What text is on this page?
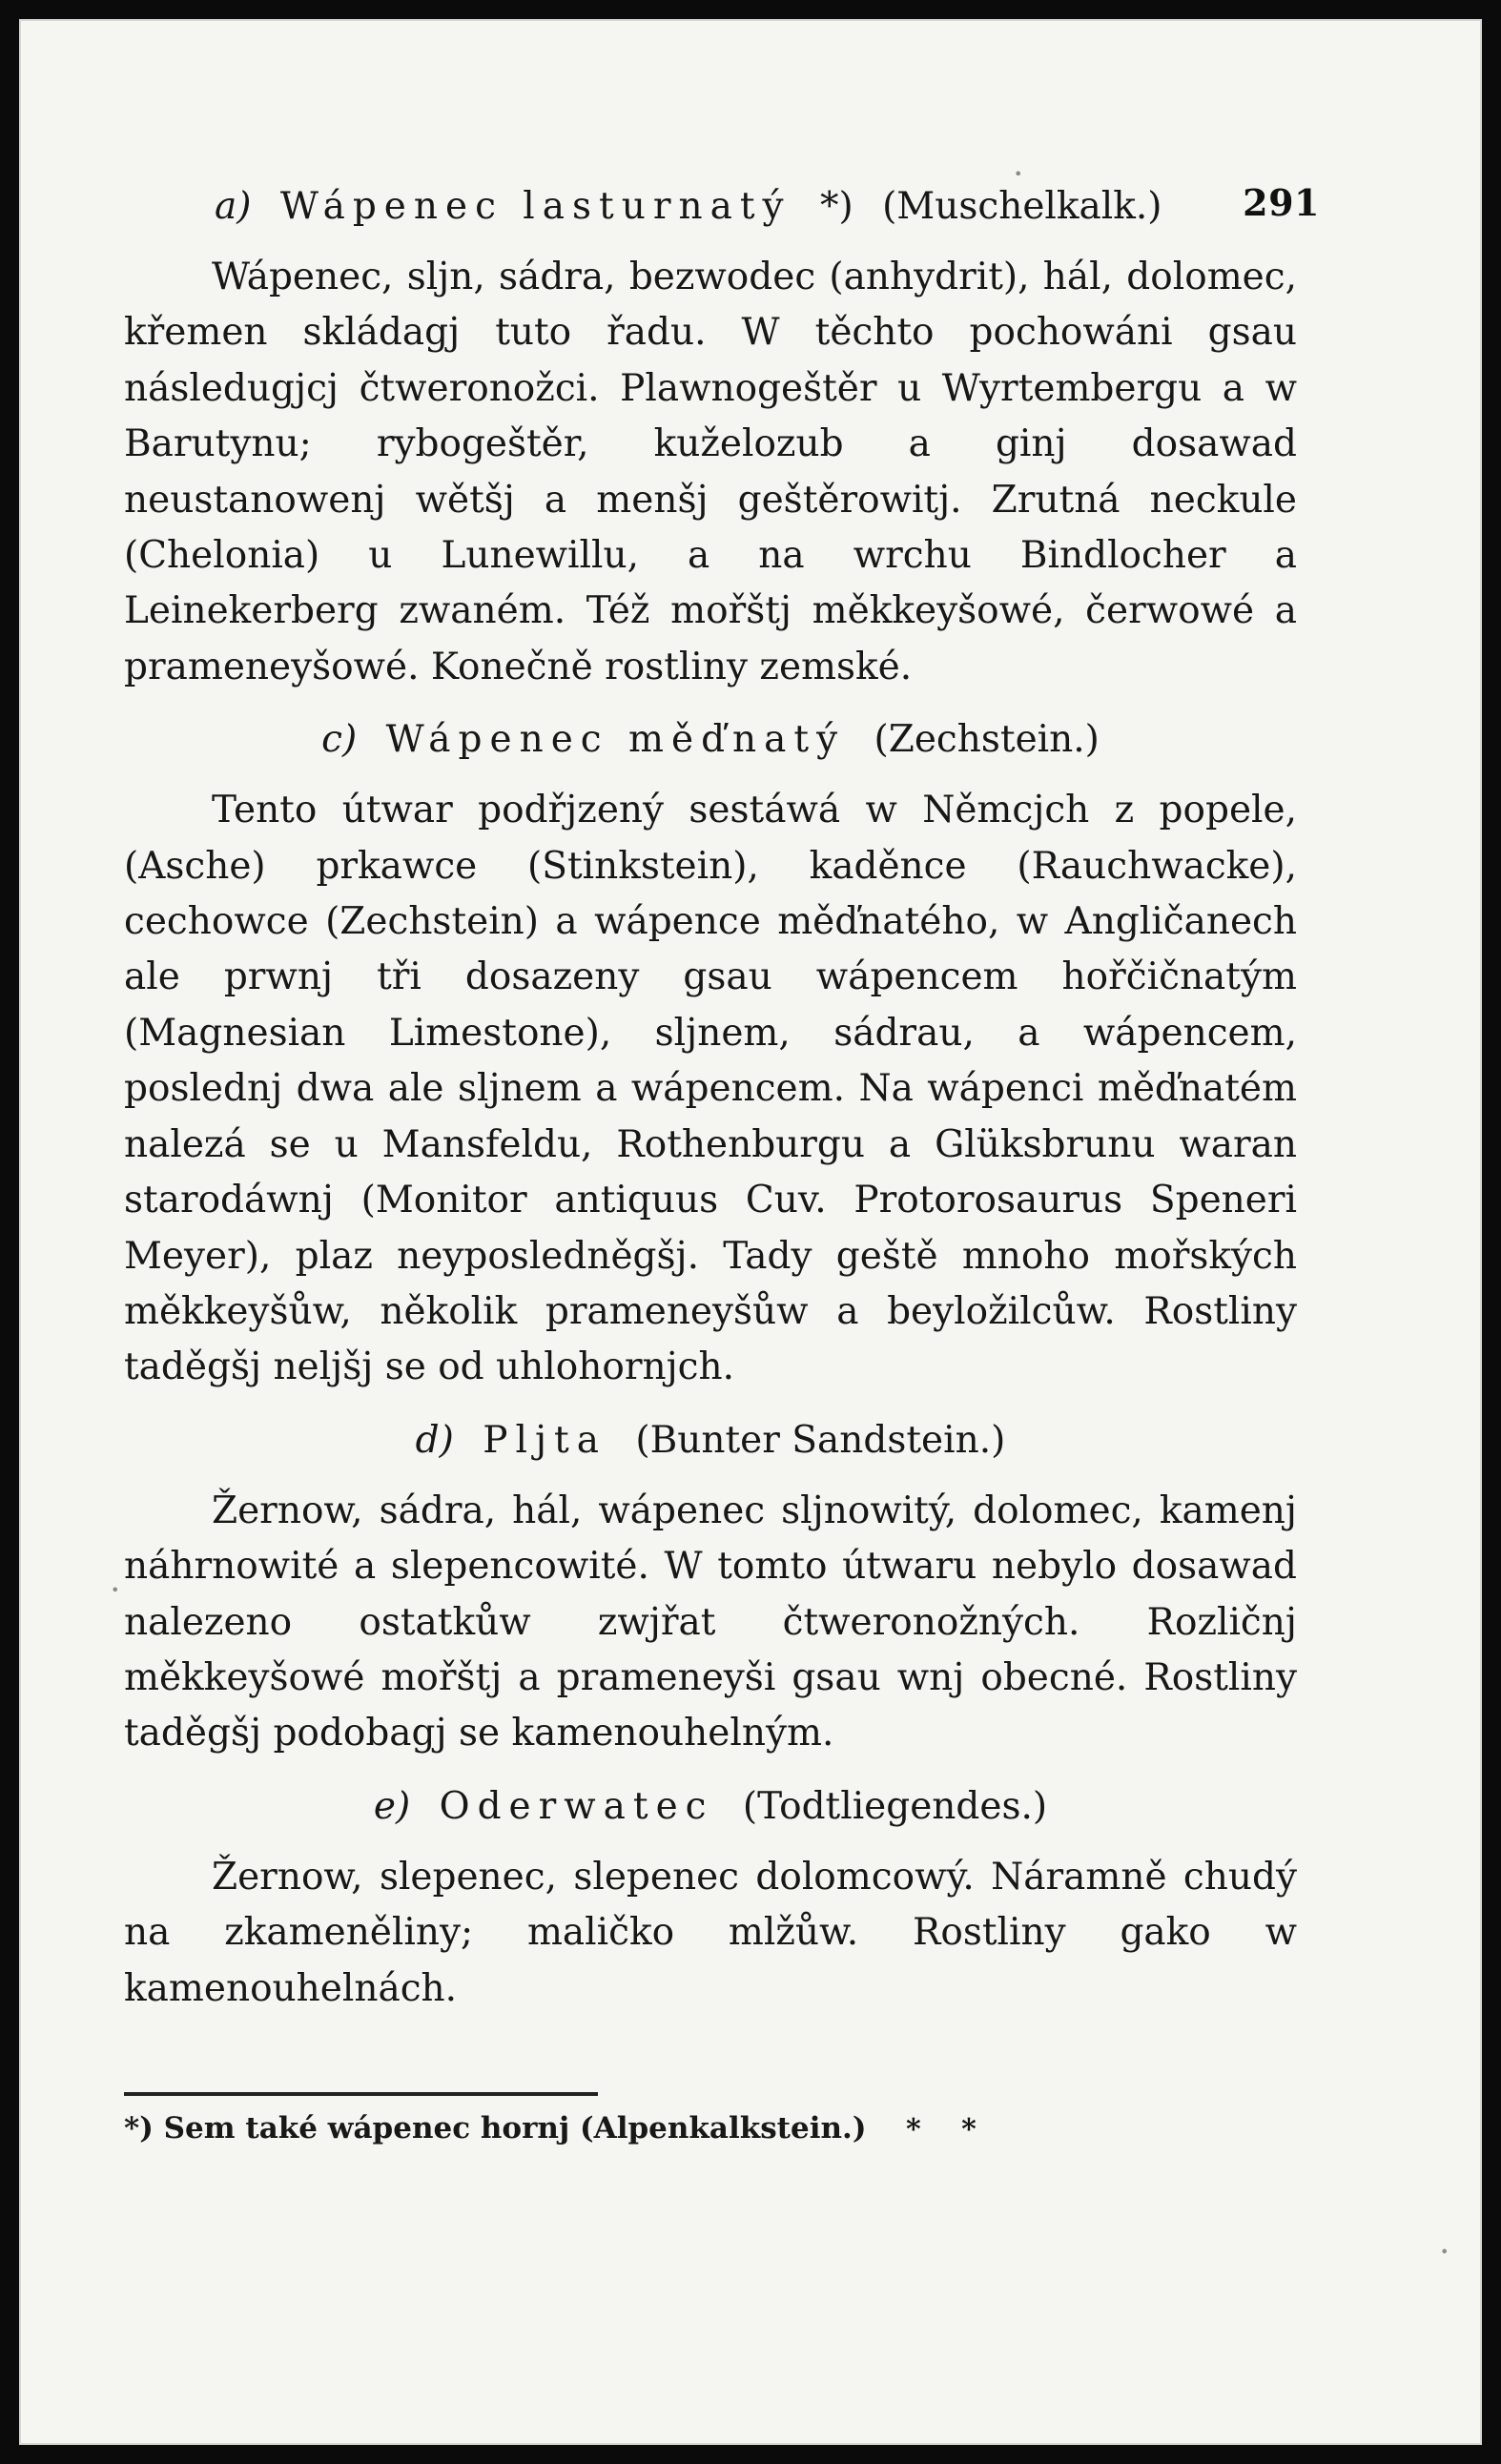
291
a) Wápenec lasturnatý *) (Muschelkalk.)

Wápenec, sljn, sádra, bezwodec (anhydrit), hál, dolomec, křemen skládagj tuto řadu. W těchto pochowáni gsau následugjcj čtweronožci. Plawnogeštěr u Wyrtembergu a w Barutynu; rybogeštěr, kuželozub a ginj dosawad neustanowenj wětšj a menšj geštěrowitj. Zrutná neckule (Chelonia) u Lunewillu, a na wrchu Bindlocher a Leinekerberg zwaném. Též mořštj měkkeyšowé, čerwowé a prameneyšowé. Konečně rostliny zemské.

c) Wápenec měďnatý (Zechstein.)

Tento útwar podřjzený sestáwá w Němcjch z popele, (Asche) prkawce (Stinkstein), kaděnce (Rauchwacke), cechowce (Zechstein) a wápence měďnatého, w Angličanech ale prwnj tři dosazeny gsau wápencem hořčičnatým (Magnesian Limestone), sljnem, sádrau, a wápencem, poslednj dwa ale sljnem a wápencem. Na wápenci měďnatém nalezá se u Mansfeldu, Rothenburgu a Glüksbrunu waran starodáwnj (Monitor antiquus Cuv. Protorosaurus Speneri Meyer), plaz neyposledněgšj. Tady geště mnoho mořských měkkeyšůw, několik prameneyšůw a beyložilcůw. Rostliny taděgšj neljšj se od uhlohornjch.

d) Pljta (Bunter Sandstein.)

Žernow, sádra, hál, wápenec sljnowitý, dolomec, kamenj náhrnowité a slepencowité. W tomto útwaru nebylo dosawad nalezeno ostatkůw zwjřat čtweronožných. Rozličnj měkkeyšowé mořštj a prameneyši gsau wnj obecné. Rostliny taděgšj podobagj se kamenouhelným.

e) Oderwatec (Todtliegendes.)

Žernow, slepenec, slepenec dolomcowý. Náramně chudý na zkameněliny; maličko mlžůw. Rostliny gako w kamenouhelnách.

*) Sem také wápenec hornj (Alpenkalkstein.)	* *
•
•
•
